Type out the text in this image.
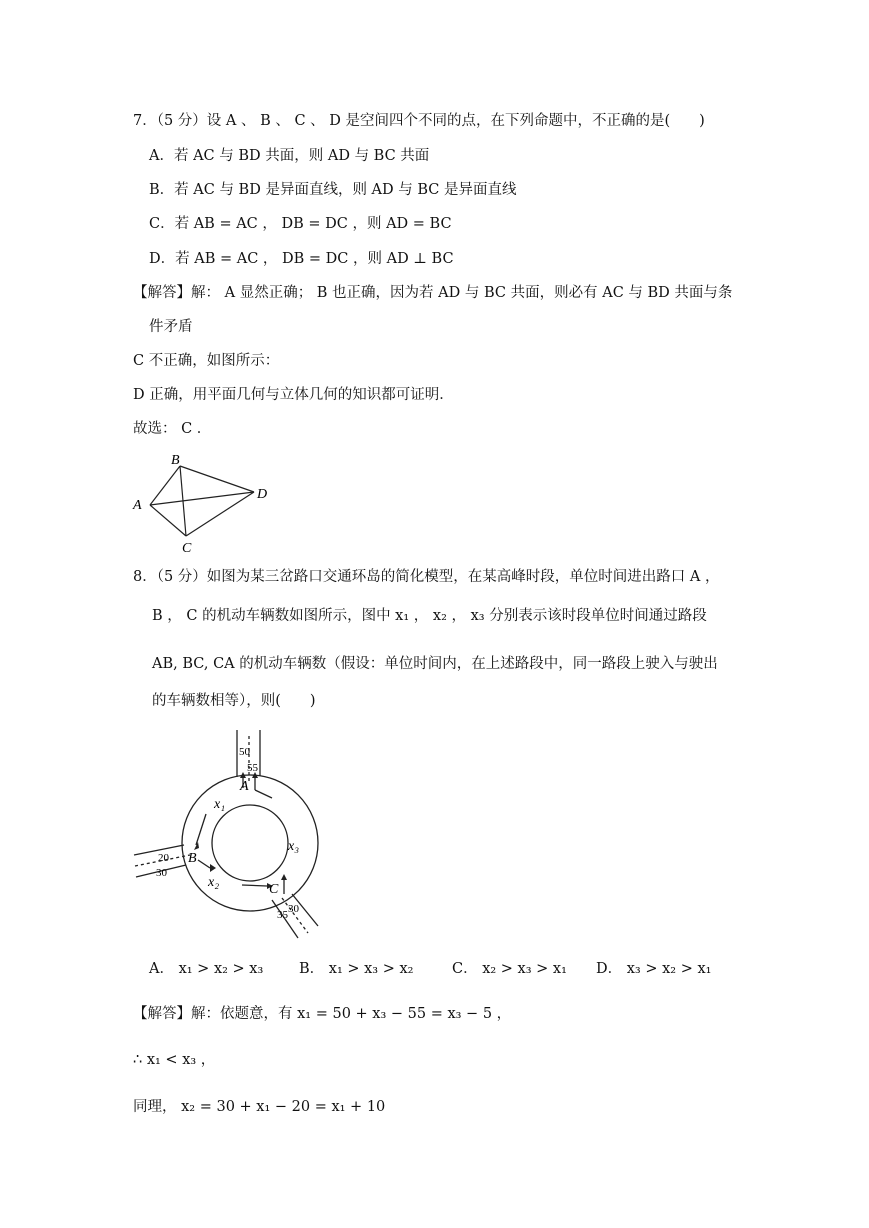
7．（5 分）设 A 、 B 、 C 、 D 是空间四个不同的点，在下列命题中，不正确的是(　　)
A．若 AC 与 BD 共面，则 AD 与 BC 共面
B．若 AC 与 BD 是异面直线，则 AD 与 BC 是异面直线
C．若 AB = AC ， DB = DC ，则 AD = BC
D．若 AB = AC ， DB = DC ，则 AD ⊥ BC
【解答】解： A 显然正确； B 也正确，因为若 AD 与 BC 共面，则必有 AC 与 BD 共面与条
件矛盾
C 不正确，如图所示：
D 正确，用平面几何与立体几何的知识都可证明．
故选： C ．
B
A
D
C
8．（5 分）如图为某三岔路口交通环岛的简化模型，在某高峰时段，单位时间进出路口 A ，
B ， C 的机动车辆数如图所示，图中 x₁ ， x₂ ， x₃ 分别表示该时段单位时间通过路段
AB, BC, CA 的机动车辆数（假设：单位时间内，在上述路段中，同一路段上驶入与驶出
的车辆数相等），则(　　)
50
55
A
x₁
x₃
20 B
30
x₂	C
30
35
A． x₁ > x₂ > x₃ B． x₁ > x₃ > x₂	C． x₂ > x₃ > x₁ D． x₃ > x₂ > x₁
【解答】解：依题意，有 x₁ = 50 + x₃ − 55 = x₃ − 5 ，
∴ x₁ < x₃ ，
同理， x₂ = 30 + x₁ − 20 = x₁ + 10
